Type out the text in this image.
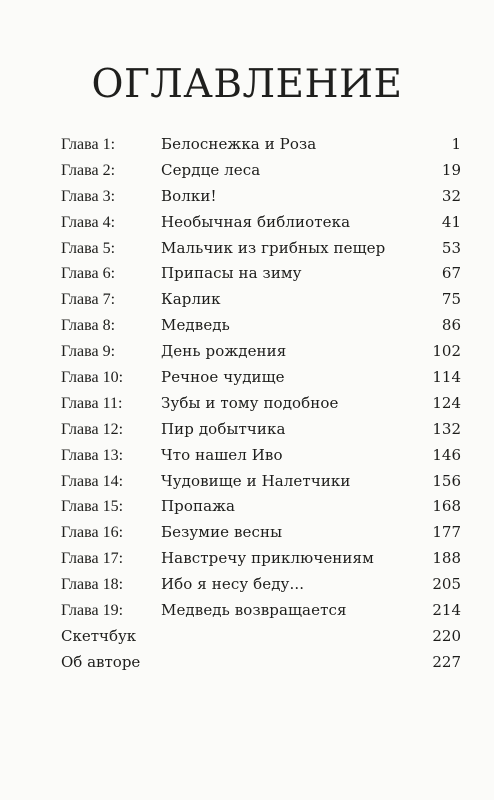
ОГЛАВЛЕНИЕ
Глава 1:	Белоснежка и Роза	1
Глава 2:	Сердце леса	19
Глава 3:	Волки!	32
Глава 4:	Необычная библиотека	41
Глава 5:	Мальчик из грибных пещер	53
Глава 6:	Припасы на зиму	67
Глава 7:	Карлик	75
Глава 8:	Медведь	86
Глава 9:	День рождения	102
Глава 10:	Речное чудище	114
Глава 11:	Зубы и тому подобное	124
Глава 12:	Пир добытчика	132
Глава 13:	Что нашел Иво	146
Глава 14:	Чудовище и Налетчики	156
Глава 15:	Пропажа	168
Глава 16:	Безумие весны	177
Глава 17:	Навстречу приключениям	188
Глава 18:	Ибо я несу беду...	205
Глава 19:	Медведь возвращается	214
Скетчбук	220
Об авторе	227
